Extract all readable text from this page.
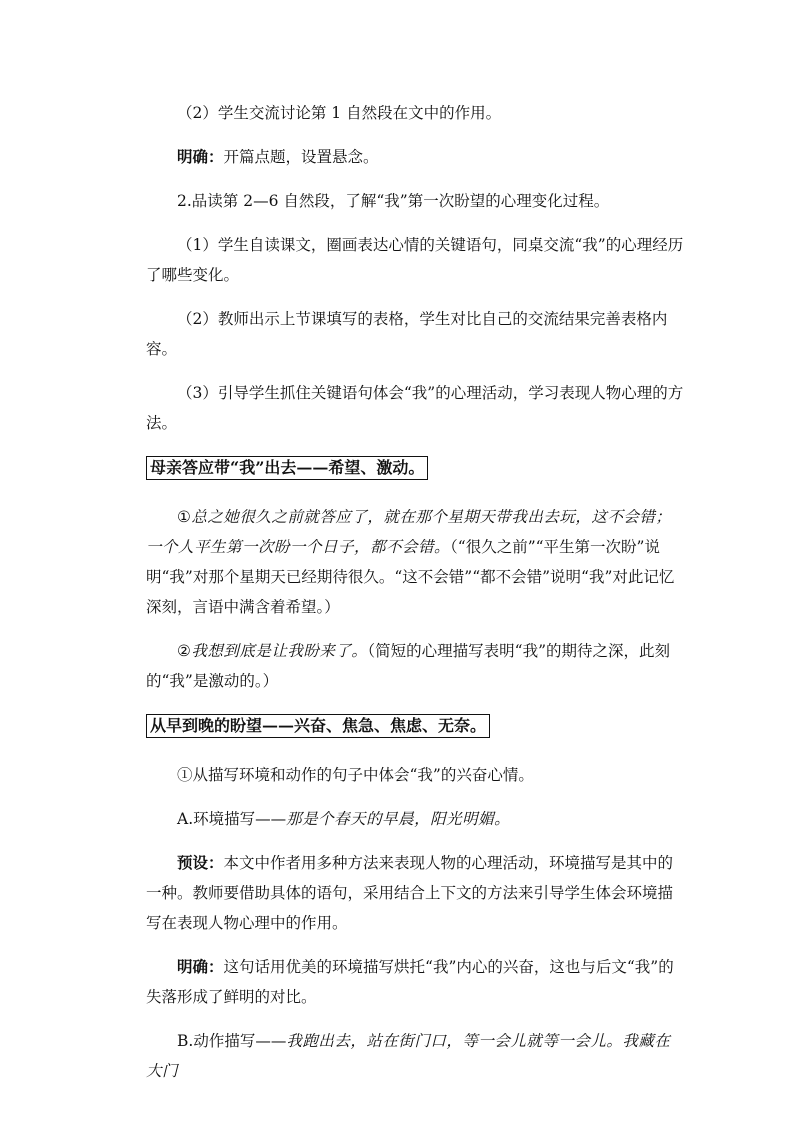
（2）学生交流讨论第 1 自然段在文中的作用。

明确：开篇点题，设置悬念。

2.品读第 2—6 自然段，了解“我”第一次盼望的心理变化过程。

（1）学生自读课文，圈画表达心情的关键语句，同桌交流“我”的心理经历了哪些变化。

（2）教师出示上节课填写的表格，学生对比自己的交流结果完善表格内容。

（3）引导学生抓住关键语句体会“我”的心理活动，学习表现人物心理的方法。

母亲答应带“我”出去——希望、激动。

①总之她很久之前就答应了，就在那个星期天带我出去玩，这不会错；一个人平生第一次盼一个日子，都不会错。（“很久之前”“平生第一次盼”说明“我”对那个星期天已经期待很久。“这不会错”“都不会错”说明“我”对此记忆深刻，言语中满含着希望。）

②我想到底是让我盼来了。（简短的心理描写表明“我”的期待之深，此刻的“我”是激动的。）

从早到晚的盼望——兴奋、焦急、焦虑、无奈。

①从描写环境和动作的句子中体会“我”的兴奋心情。

A.环境描写——那是个春天的早晨，阳光明媚。

预设：本文中作者用多种方法来表现人物的心理活动，环境描写是其中的一种。教师要借助具体的语句，采用结合上下文的方法来引导学生体会环境描写在表现人物心理中的作用。

明确：这句话用优美的环境描写烘托“我”内心的兴奋，这也与后文“我”的失落形成了鲜明的对比。

B.动作描写——我跑出去，站在街门口，等一会儿就等一会儿。我藏在大门
